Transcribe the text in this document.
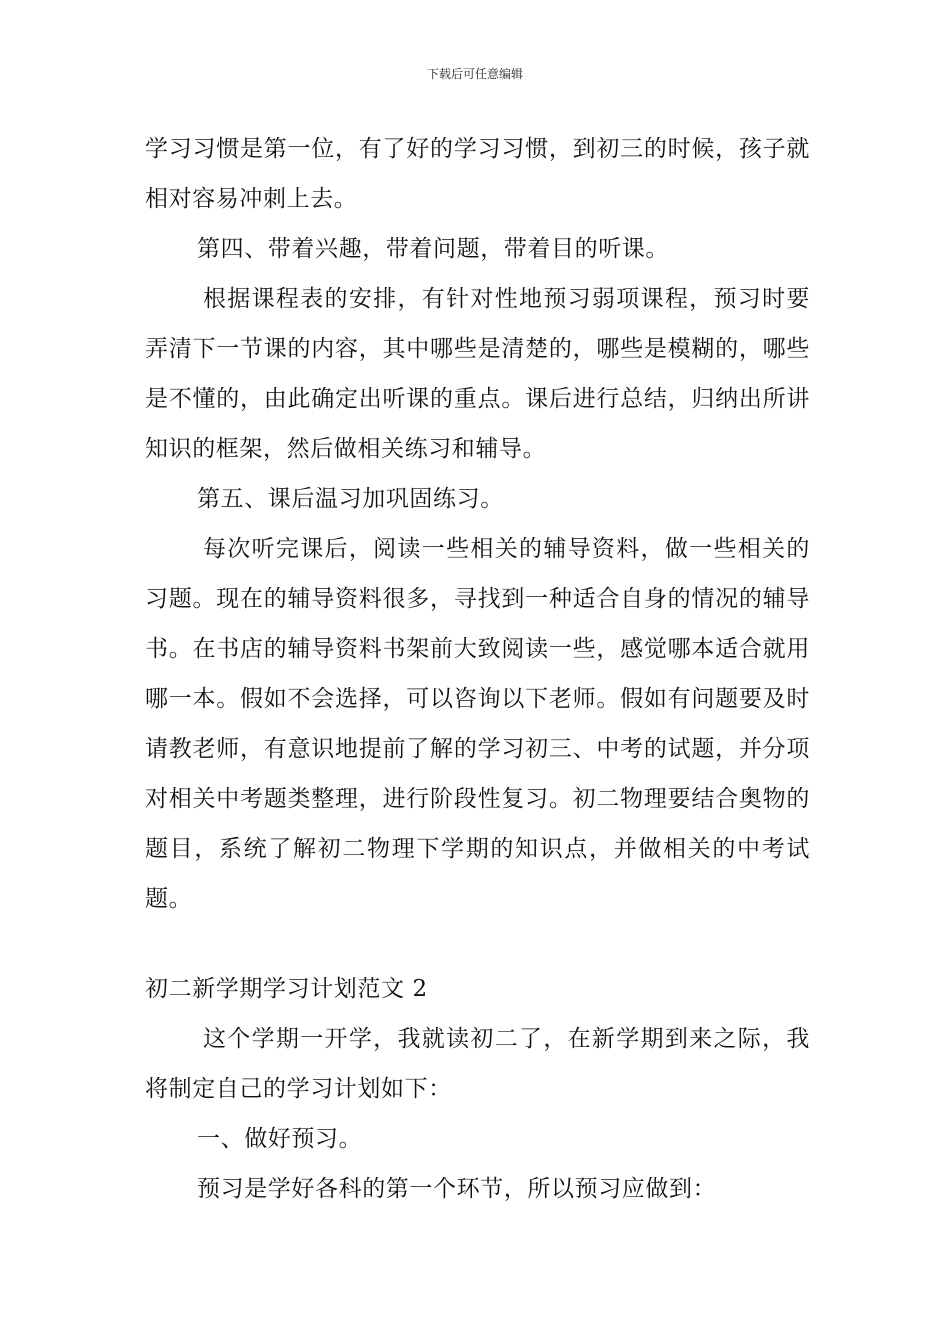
下载后可任意编辑

学习习惯是第一位，有了好的学习习惯，到初三的时候，孩子就相对容易冲刺上去。

第四、带着兴趣，带着问题，带着目的听课。

根据课程表的安排，有针对性地预习弱项课程，预习时要弄清下一节课的内容，其中哪些是清楚的，哪些是模糊的，哪些是不懂的，由此确定出听课的重点。课后进行总结，归纳出所讲知识的框架，然后做相关练习和辅导。

第五、课后温习加巩固练习。

每次听完课后，阅读一些相关的辅导资料，做一些相关的习题。现在的辅导资料很多，寻找到一种适合自身的情况的辅导书。在书店的辅导资料书架前大致阅读一些，感觉哪本适合就用哪一本。假如不会选择，可以咨询以下老师。假如有问题要及时请教老师，有意识地提前了解的学习初三、中考的试题，并分项对相关中考题类整理，进行阶段性复习。初二物理要结合奥物的题目，系统了解初二物理下学期的知识点，并做相关的中考试题。

初二新学期学习计划范文 2

这个学期一开学，我就读初二了，在新学期到来之际，我将制定自己的学习计划如下：

一、做好预习。

预习是学好各科的第一个环节，所以预习应做到：
